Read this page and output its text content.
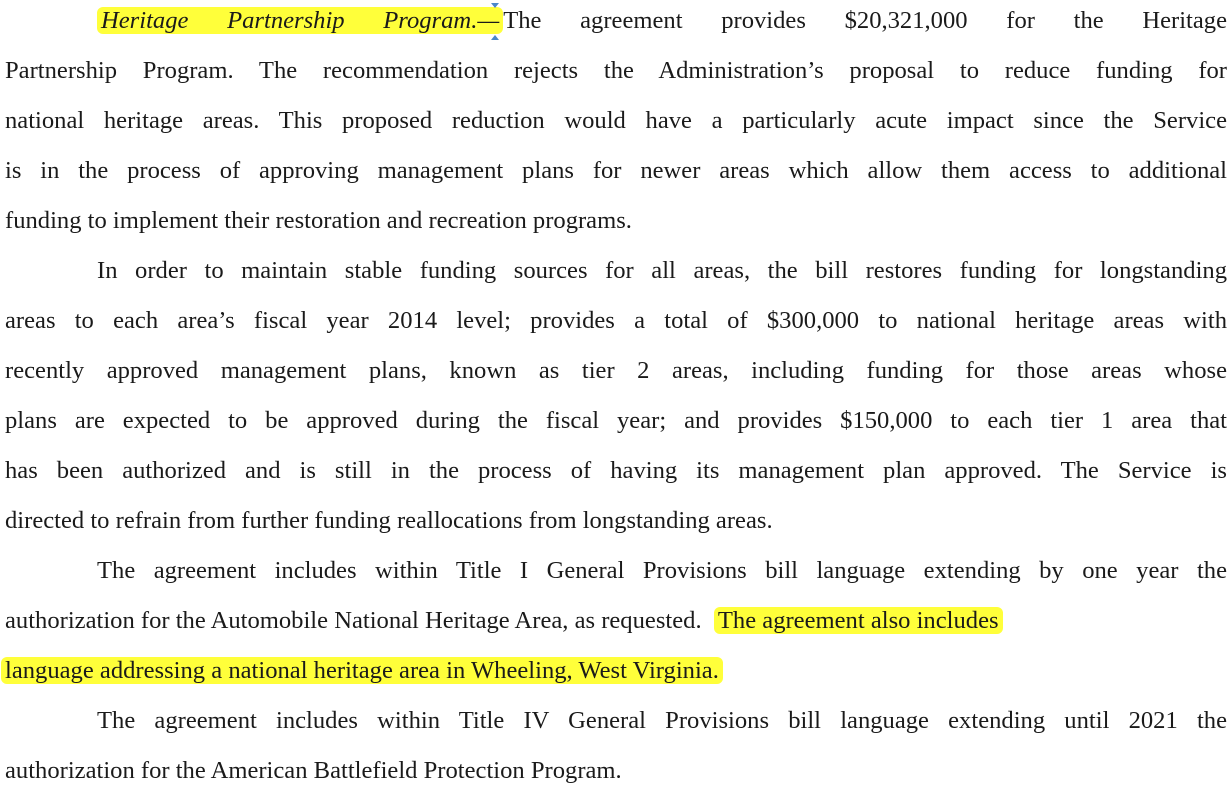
Heritage Partnership Program.— The agreement provides $20,321,000 for the Heritage
Partnership Program. The recommendation rejects the Administration’s proposal to reduce funding for
national heritage areas. This proposed reduction would have a particularly acute impact since the Service
is in the process of approving management plans for newer areas which allow them access to additional
funding to implement their restoration and recreation programs.
In order to maintain stable funding sources for all areas, the bill restores funding for longstanding
areas to each area’s fiscal year 2014 level; provides a total of $300,000 to national heritage areas with
recently approved management plans, known as tier 2 areas, including funding for those areas whose
plans are expected to be approved during the fiscal year; and provides $150,000 to each tier 1 area that
has been authorized and is still in the process of having its management plan approved. The Service is
directed to refrain from further funding reallocations from longstanding areas.
The agreement includes within Title I General Provisions bill language extending by one year the
authorization for the Automobile National Heritage Area, as requested. The agreement also includes
language addressing a national heritage area in Wheeling, West Virginia.
The agreement includes within Title IV General Provisions bill language extending until 2021 the
authorization for the American Battlefield Protection Program.
